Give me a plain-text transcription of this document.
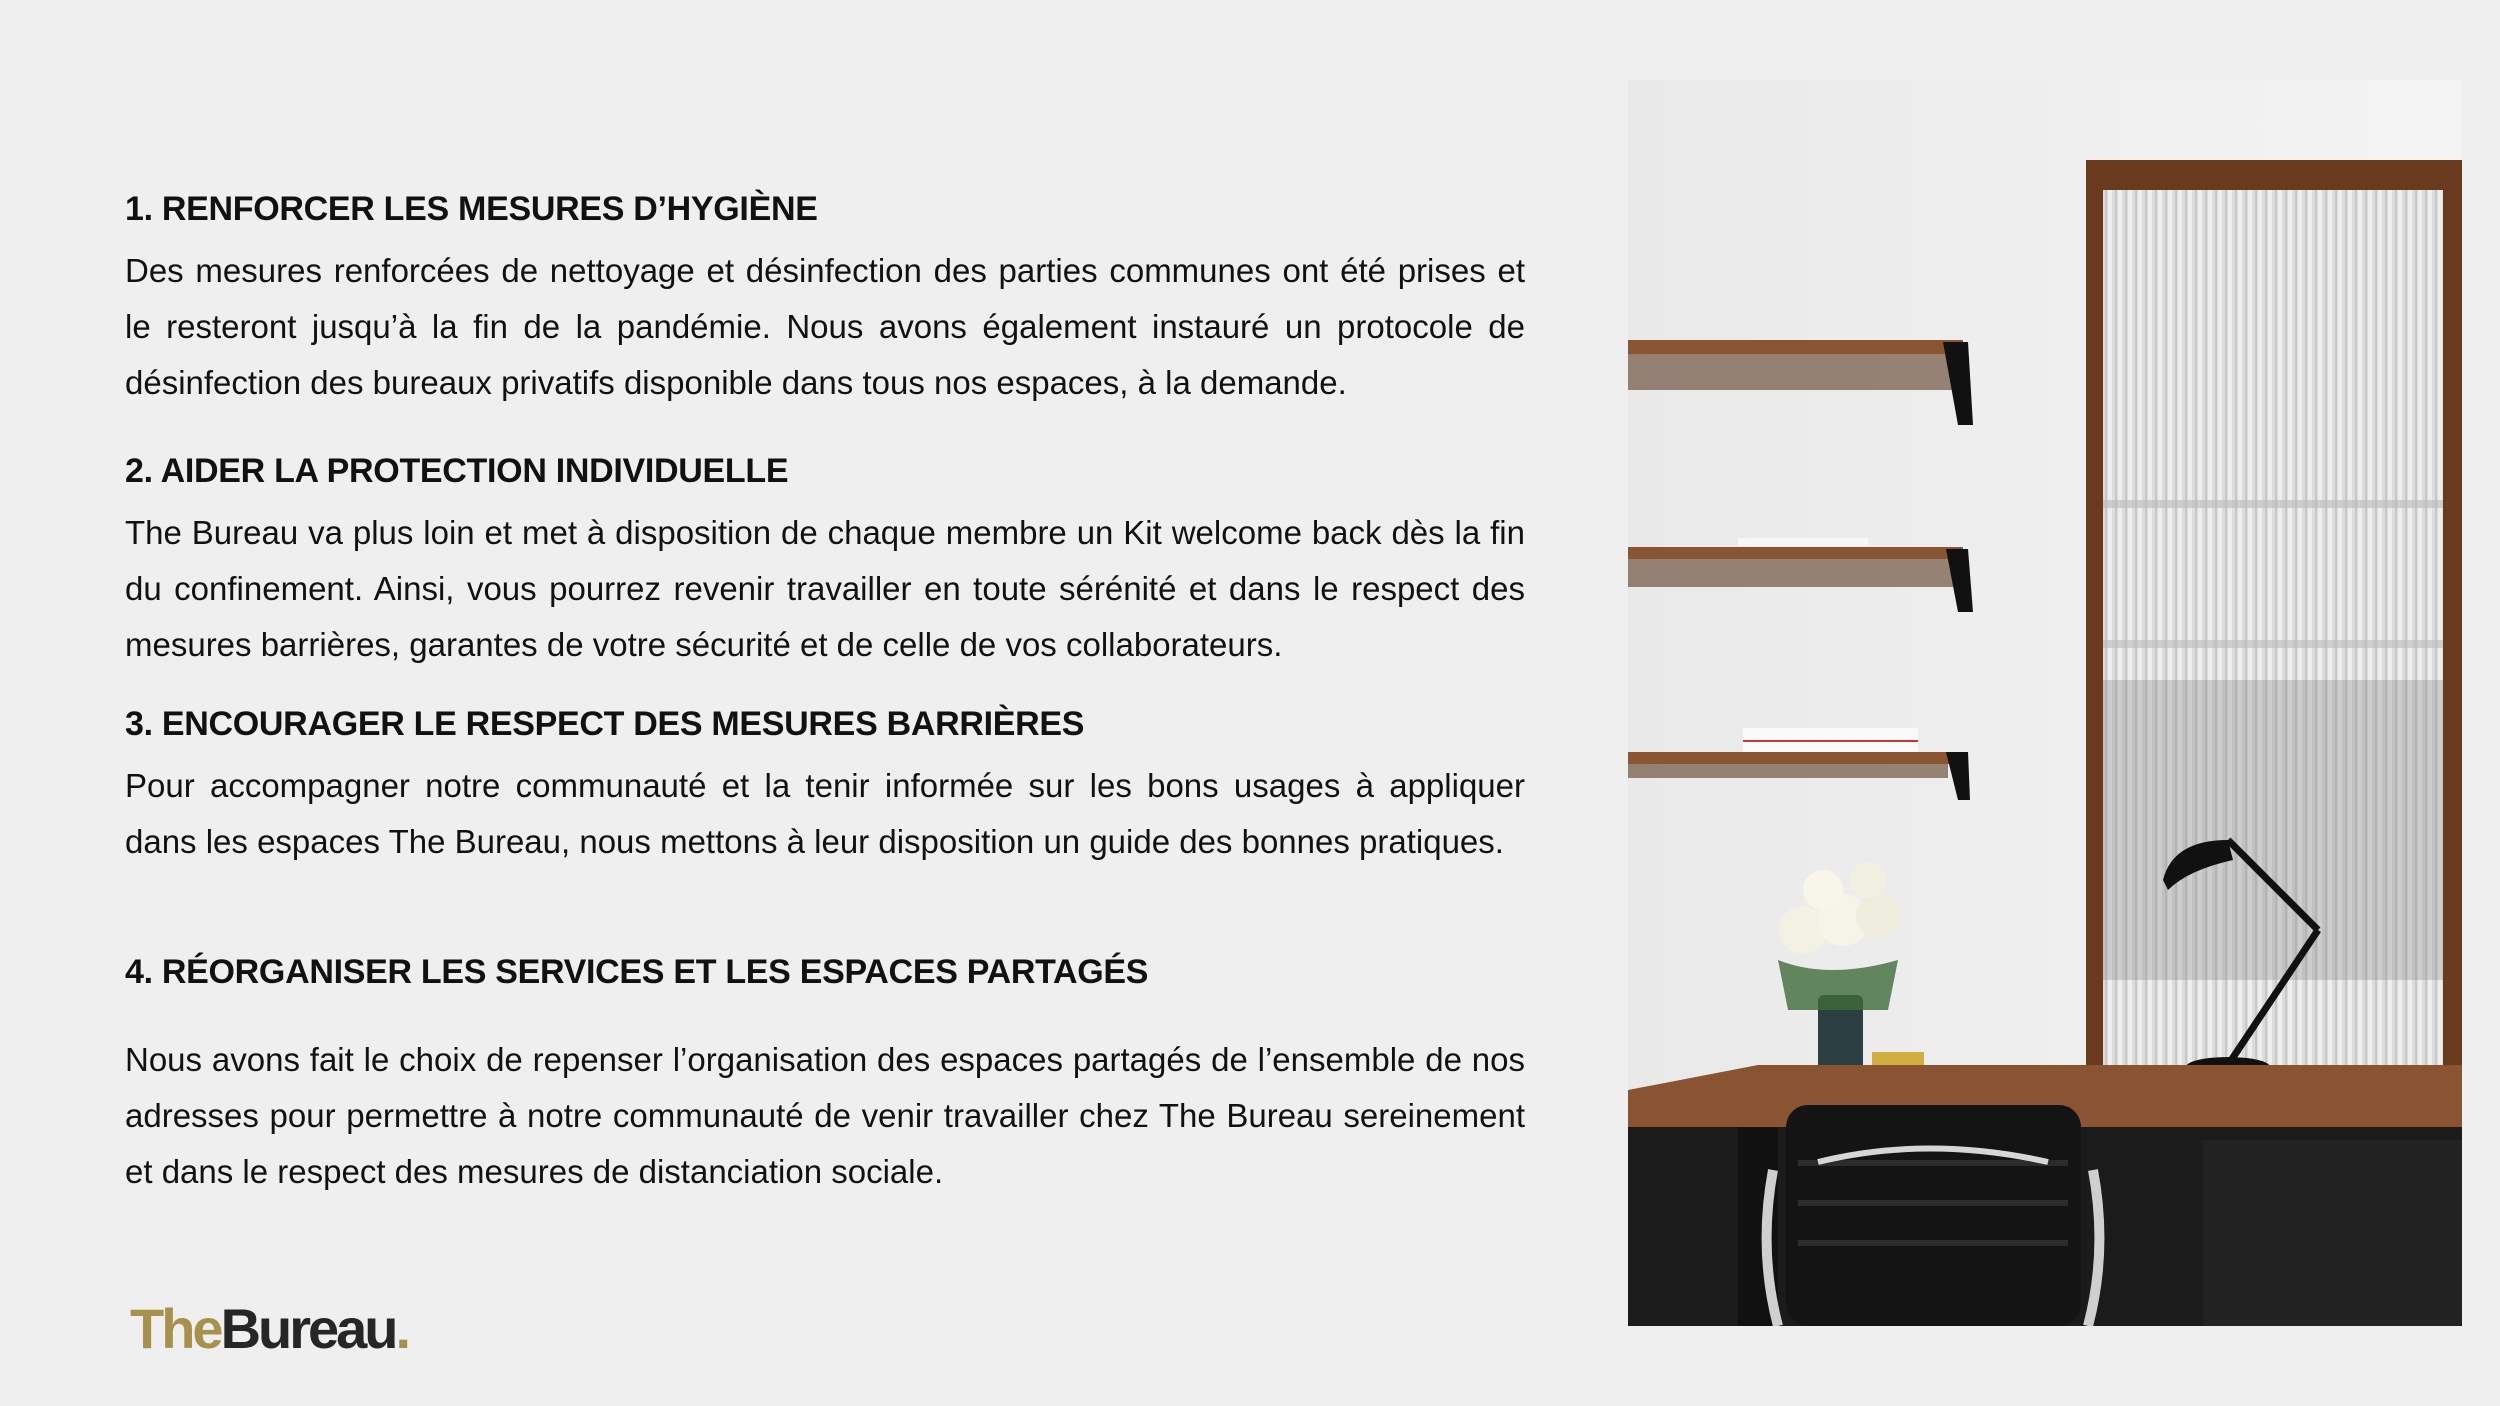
1. RENFORCER LES MESURES D’HYGIÈNE

Des mesures renforcées de nettoyage et désinfection des parties communes ont été prises et le resteront jusqu’à la fin de la pandémie. Nous avons également instauré un protocole de désinfection des bureaux privatifs disponible dans tous nos espaces, à la demande.

2. AIDER LA PROTECTION INDIVIDUELLE

The Bureau va plus loin et met à disposition de chaque membre un Kit welcome back dès la fin du confinement. Ainsi, vous pourrez revenir travailler en toute sérénité et dans le respect des mesures barrières, garantes de votre sécurité et de celle de vos collaborateurs.

3. ENCOURAGER LE RESPECT DES MESURES BARRIÈRES

Pour accompagner notre communauté et la tenir informée sur les bons usages à appliquer dans les espaces The Bureau, nous mettons à leur disposition un guide des bonnes pratiques.

4. RÉORGANISER LES SERVICES ET LES ESPACES PARTAGÉS

Nous avons fait le choix de repenser l’organisation des espaces partagés de l’ensemble de nos adresses pour permettre à notre communauté de venir travailler chez The Bureau sereinement et dans le respect des mesures de distanciation sociale.

TheBureau.
